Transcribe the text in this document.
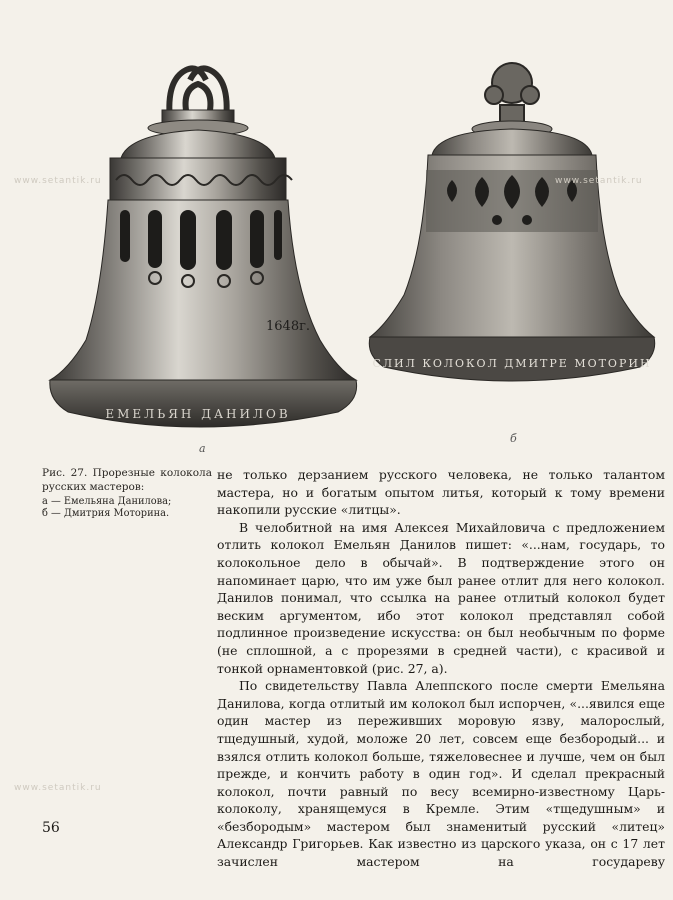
1648г.
ЕМЕЛЬЯН ДАНИЛОВ
СЛИЛ КОЛОКОЛ ДМИТРЕ МОТОРИН
а
б
www.setantik.ru	www.setantik.ru
www.setantik.ru

Рис. 27. Прорезные колокола русских мастеров:

а — Емельяна Данилова;

б — Дмитрия Моторина.

не только дерзанием русского человека, не только талантом мастера, но и богатым опытом литья, который к тому времени накопили русские «литцы».

В челобитной на имя Алексея Михайловича с предложением отлить колокол Емельян Данилов пишет: «...нам, государь, то колокольное дело в обычай». В подтверждение этого он напоминает царю, что им уже был ранее отлит для него колокол. Данилов понимал, что ссылка на ранее отлитый колокол будет веским аргументом, ибо этот колокол представлял собой подлинное произведение искусства: он был необычным по форме (не сплошной, а с прорезями в средней части), с красивой и тонкой орнаментовкой (рис. 27, а).

По свидетельству Павла Алеппского после смерти Емельяна Данилова, когда отлитый им колокол был испорчен, «...явился еще один мастер из переживших моровую язву, малорослый, тщедушный, худой, моложе 20 лет, совсем еще безбородый... и взялся отлить колокол больше, тяжеловеснее и лучше, чем он был прежде, и кончить работу в один год». И сделал прекрасный колокол, почти равный по весу всемирно-известному Царь-колоколу, хранящемуся в Кремле. Этим «тщедушным» и «безбородым» мастером был знаменитый русский «литец» Александр Григорьев. Как известно из царского указа, он с 17 лет зачислен мастером на государеву

56
